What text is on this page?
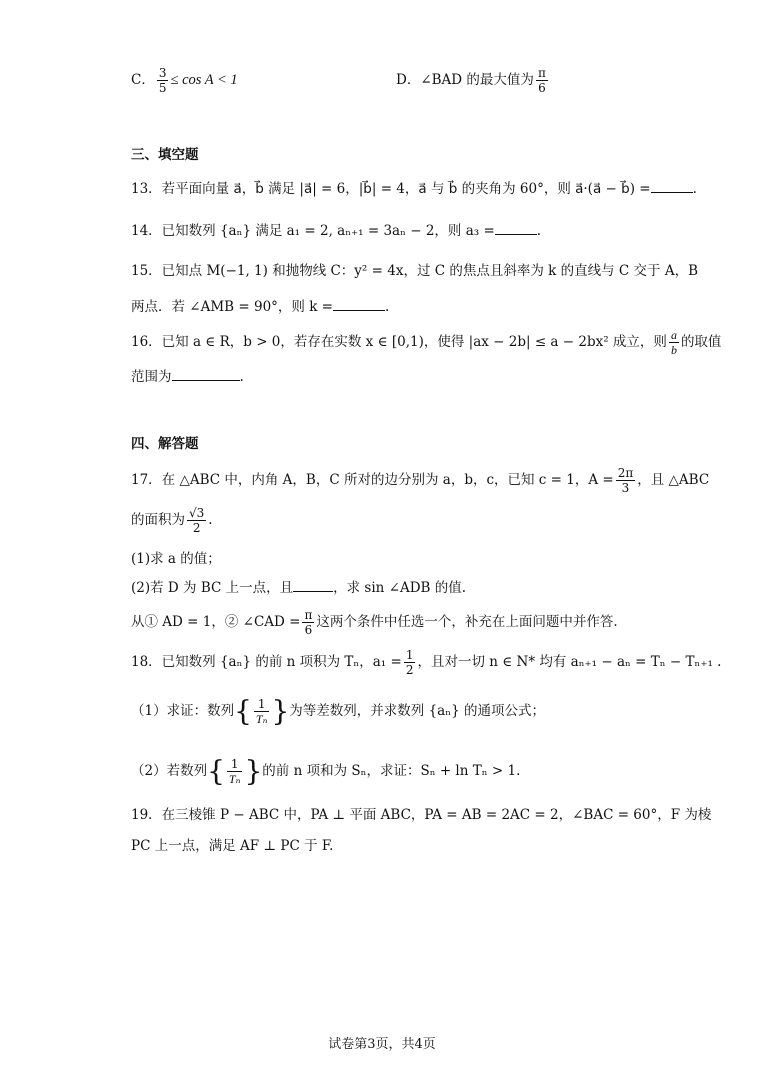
C． $\frac{3}{5} \le \cos A < 1$	D．∠BAD 的最大值为 $\frac{\pi}{6}$
三、填空题
13．若平面向量 a⃗，b⃗ 满足 |a⃗| = 6，|b⃗| = 4，a⃗ 与 b⃗ 的夹角为 60°，则 a⃗·(a⃗ − b⃗) =	.
14．已知数列 {aₙ} 满足 a₁ = 2, aₙ₊₁ = 3aₙ − 2，则 a₃ =	.
15．已知点 M(−1, 1) 和抛物线 C：y² = 4x，过 C 的焦点且斜率为 k 的直线与 C 交于 A，B
两点．若 ∠AMB = 90°，则 k =	.
16．已知 a ∈ R，b > 0，若存在实数 x ∈ [0,1)，使得 |ax − 2b| ≤ a − 2bx² 成立，则 $\frac{a}{b}$ 的取值
范围为	.
四、解答题
17．在 △ABC 中，内角 A，B，C 所对的边分别为 a，b，c，已知 c = 1，$A = \frac{2\pi}{3}$ ，且 △ABC
的面积为 $\frac{√3}{2}$ .
(1)求 a 的值；
(2)若 D 为 BC 上一点，且	，求 sin ∠ADB 的值.
从① AD = 1，② ∠CAD = $\frac{\pi}{6}$ 这两个条件中任选一个，补充在上面问题中并作答.
18．已知数列 {aₙ} 的前 n 项积为 Tₙ，$a_1 = \frac{1}{2}$ ，且对一切 n ∈ N* 均有 aₙ₊₁ − aₙ = Tₙ − Tₙ₊₁ .
（1）求证：数列{ $\frac{1}{\text{Tₙ}}$ }为等差数列，并求数列 {aₙ} 的通项公式；
（2）若数列{ $\frac{1}{\text{Tₙ}}$ }的前 n 项和为 Sₙ，求证：Sₙ + ln Tₙ > 1.
19．在三棱锥 P − ABC 中，PA ⊥ 平面 ABC，PA = AB = 2AC = 2，∠BAC = 60°，F 为棱
PC 上一点，满足 AF ⊥ PC 于 F.
试卷第3页，共4页
